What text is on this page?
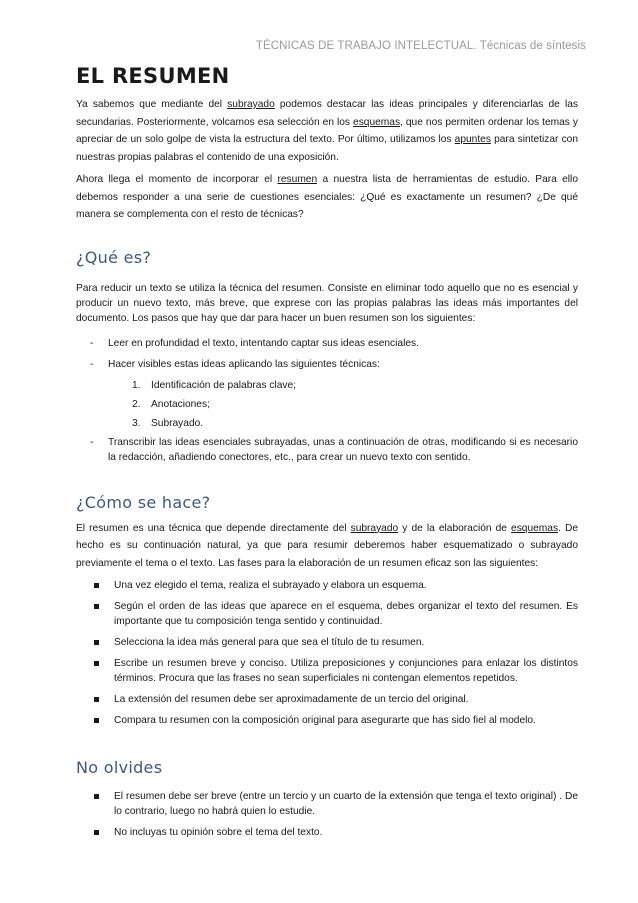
TÉCNICAS DE TRABAJO INTELECTUAL. Técnicas de síntesis
EL RESUMEN

Ya sabemos que mediante del subrayado podemos destacar las ideas principales y diferenciarlas de las secundarias. Posteriormente, volcamos esa selección en los esquemas, que nos permiten ordenar los temas y apreciar de un solo golpe de vista la estructura del texto. Por último, utilizamos los apuntes para sintetizar con nuestras propias palabras el contenido de una exposición.

Ahora llega el momento de incorporar el resumen a nuestra lista de herramientas de estudio. Para ello debemos responder a una serie de cuestiones esenciales: ¿Qué es exactamente un resumen? ¿De qué manera se complementa con el resto de técnicas?

¿Qué es?

Para reducir un texto se utiliza la técnica del resumen. Consiste en eliminar todo aquello que no es esencial y producir un nuevo texto, más breve, que exprese con las propias palabras las ideas más importantes del documento. Los pasos que hay que dar para hacer un buen resumen son los siguientes:

- Leer en profundidad el texto, intentando captar sus ideas esenciales.
- Hacer visibles estas ideas aplicando las siguientes técnicas:
1. Identificación de palabras clave;
2. Anotaciones;
3. Subrayado.
- Transcribir las ideas esenciales subrayadas, unas a continuación de otras, modificando si es necesario la redacción, añadiendo conectores, etc., para crear un nuevo texto con sentido.
¿Cómo se hace?

El resumen es una técnica que depende directamente del subrayado y de la elaboración de esquemas. De hecho es su continuación natural, ya que para resumir deberemos haber esquematizado o subrayado previamente el tema o el texto. Las fases para la elaboración de un resumen eficaz son las siguientes:

Una vez elegido el tema, realiza el subrayado y elabora un esquema.
Según el orden de las ideas que aparece en el esquema, debes organizar el texto del resumen. Es importante que tu composición tenga sentido y continuidad.
Selecciona la idea más general para que sea el título de tu resumen.
Escribe un resumen breve y conciso. Utiliza preposiciones y conjunciones para enlazar los distintos términos. Procura que las frases no sean superficiales ni contengan elementos repetidos.
La extensión del resumen debe ser aproximadamente de un tercio del original.
Compara tu resumen con la composición original para asegurarte que has sido fiel al modelo.
No olvides
El resumen debe ser breve (entre un tercio y un cuarto de la extensión que tenga el texto original) . De lo contrario, luego no habrá quien lo estudie.
No incluyas tu opinión sobre el tema del texto.
